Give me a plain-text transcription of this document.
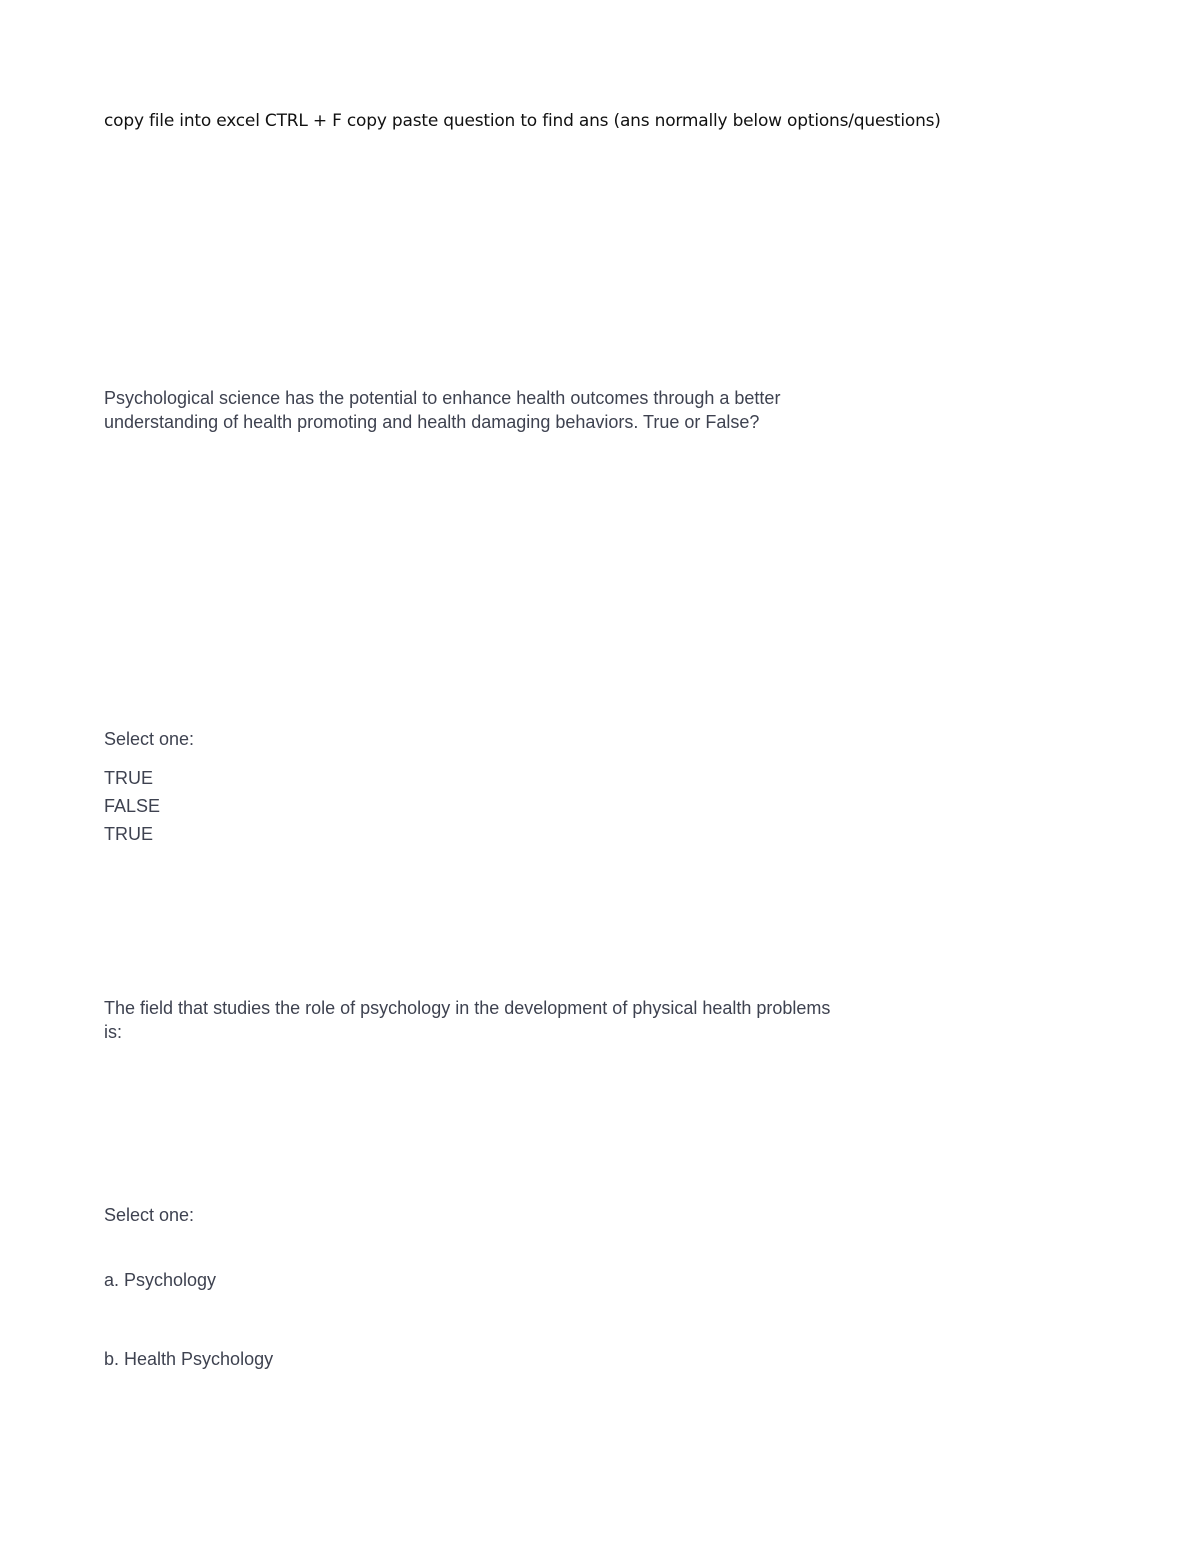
copy file into excel CTRL + F copy paste question to find ans (ans normally below options/questions)

Psychological science has the potential to enhance health outcomes through a better

understanding of health promoting and health damaging behaviors. True or False?

Select one:

TRUE

FALSE

TRUE

The field that studies the role of psychology in the development of physical health problems

is:

Select one:

a. Psychology

b. Health Psychology
